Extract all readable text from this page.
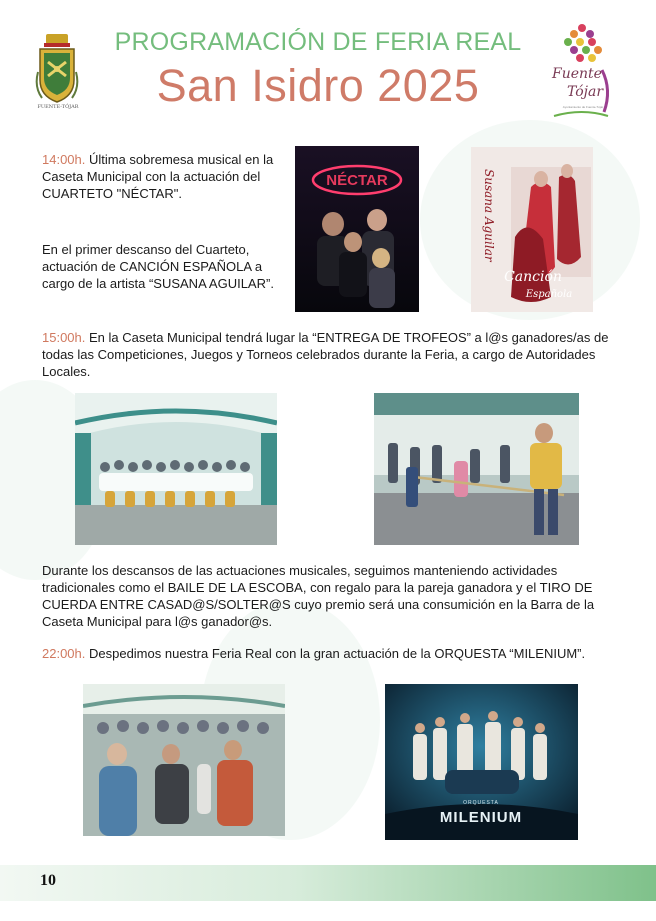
FUENTE-TÓJAR
PROGRAMACIÓN DE FERIA REAL
San Isidro 2025	Fuente
Tójar
Ayuntamiento de Fuente-Tójar
14:00h. Última sobremesa musical en la Caseta Municipal con la actuación del CUARTETO "NÉCTAR".
En el primer descanso del Cuarteto, actuación de CANCIÓN ESPAÑOLA a cargo de la artista “SUSANA AGUILAR”.
NÉCTAR	Susana Aguilar
Canción
Española
15:00h. En la Caseta Municipal tendrá lugar la “ENTREGA DE TROFEOS” a l@s ganadores/as de todas las Competiciones, Juegos y Torneos celebrados durante la Feria, a cargo de Autoridades Locales.
Durante los descansos de las actuaciones musicales, seguimos manteniendo actividades tradicionales como el BAILE DE LA ESCOBA, con regalo para la pareja ganadora y el TIRO DE CUERDA ENTRE CASAD@S/SOLTER@S cuyo premio será una consumición en la Barra de la Caseta Municipal para l@s ganador@s.
22:00h. Despedimos nuestra Feria Real con la gran actuación de la ORQUESTA “MILENIUM”.
ORQUESTA
MILENIUM
10
